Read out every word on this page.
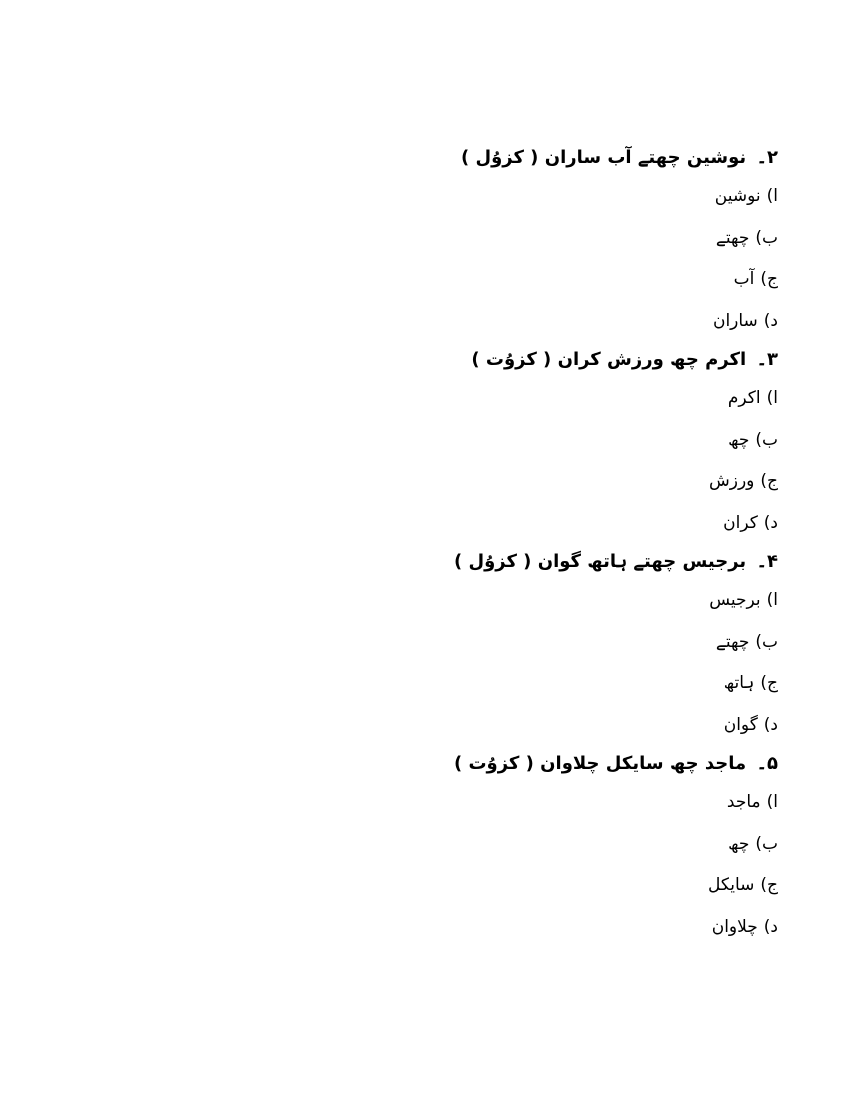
۲۔ نوشین چھتے آب ساران ( کزوُل )
ا)نوشین
ب)چھتے
ج)آب
د)ساران
۳۔ اکرم چھ ورزش کران ( کزوُت )
ا)اکرم
ب)چھ
ج)ورزش
د)کران
۴۔ برجیس چھتے ہاتھ گوان ( کزوُل )
ا)برجیس
ب)چھتے
ج)ہاتھ
د)گوان
۵۔ ماجد چھ سایکل چلاوان ( کزوُت )
ا)ماجد
ب)چھ
ج)سایکل
د)چلاوان
